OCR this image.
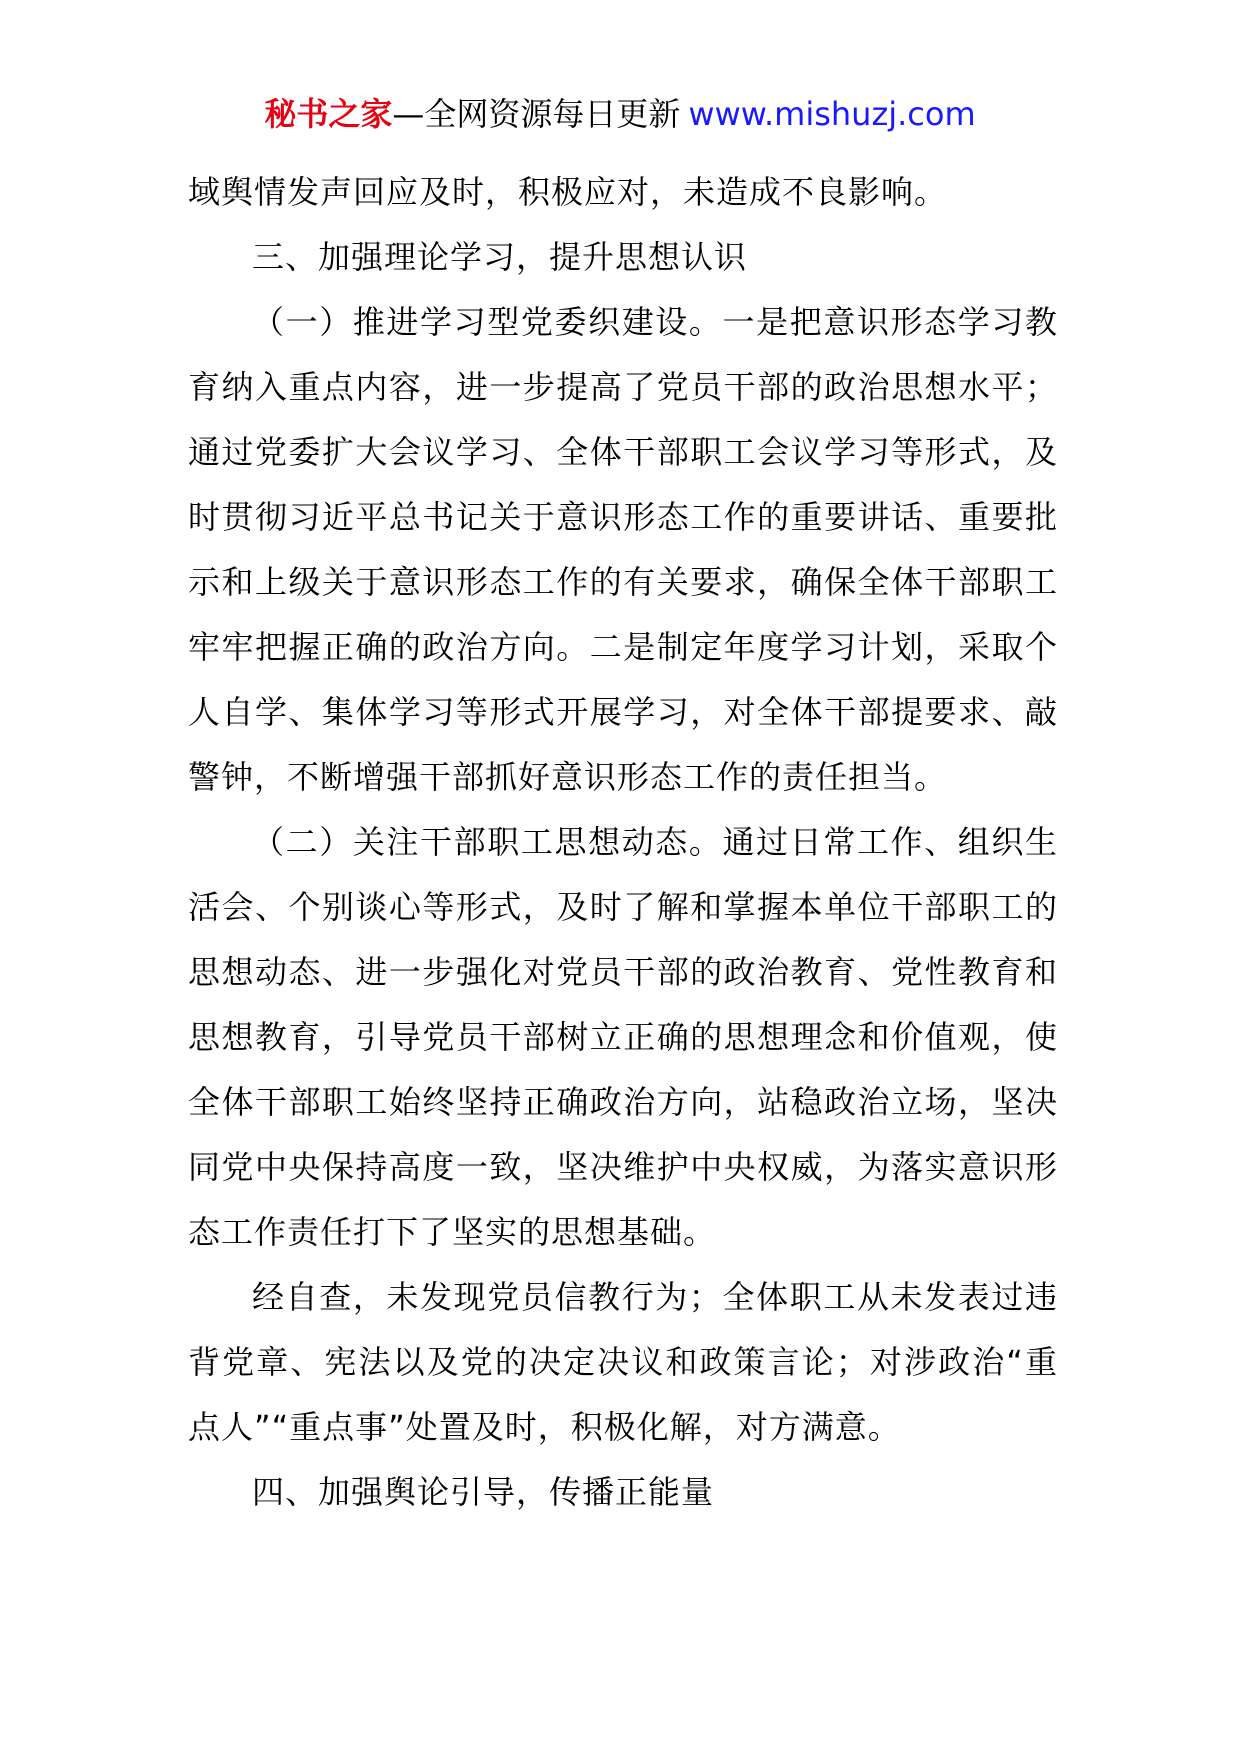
秘书之家—全网资源每日更新 www.mishuzj.com

域舆情发声回应及时，积极应对，未造成不良影响。

三、加强理论学习，提升思想认识

（一）推进学习型党委织建设。一是把意识形态学习教育纳入重点内容，进一步提高了党员干部的政治思想水平；通过党委扩大会议学习、全体干部职工会议学习等形式，及时贯彻习近平总书记关于意识形态工作的重要讲话、重要批示和上级关于意识形态工作的有关要求，确保全体干部职工牢牢把握正确的政治方向。二是制定年度学习计划，采取个人自学、集体学习等形式开展学习，对全体干部提要求、敲警钟，不断增强干部抓好意识形态工作的责任担当。

（二）关注干部职工思想动态。通过日常工作、组织生活会、个别谈心等形式，及时了解和掌握本单位干部职工的思想动态、进一步强化对党员干部的政治教育、党性教育和思想教育，引导党员干部树立正确的思想理念和价值观，使全体干部职工始终坚持正确政治方向，站稳政治立场，坚决同党中央保持高度一致，坚决维护中央权威，为落实意识形态工作责任打下了坚实的思想基础。

经自查，未发现党员信教行为；全体职工从未发表过违背党章、宪法以及党的决定决议和政策言论；对涉政治“重点人”“重点事”处置及时，积极化解，对方满意。

四、加强舆论引导，传播正能量
